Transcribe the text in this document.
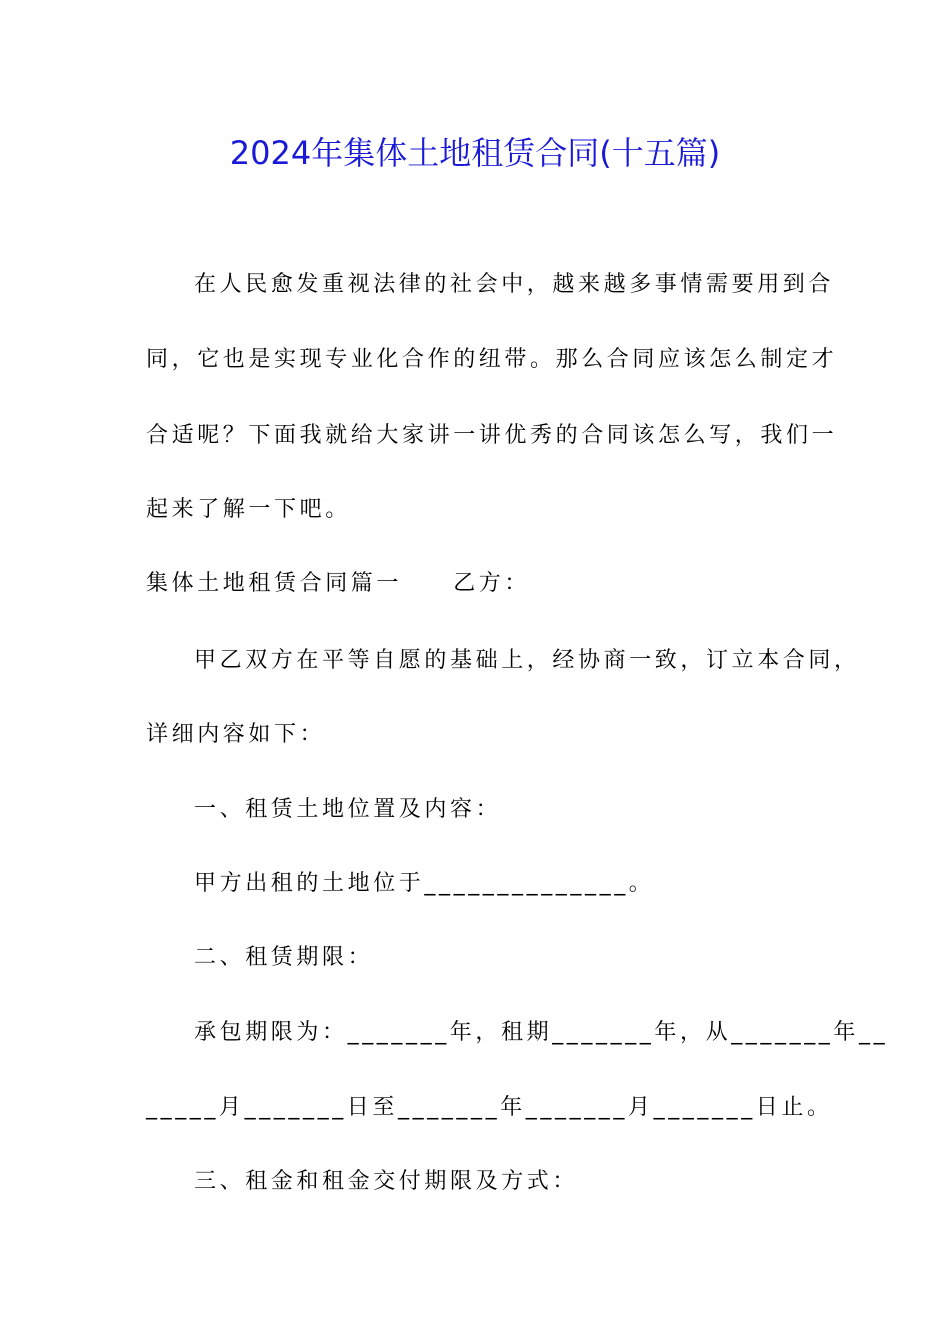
2024年集体土地租赁合同(十五篇)
在人民愈发重视法律的社会中，越来越多事情需要用到合
同，它也是实现专业化合作的纽带。那么合同应该怎么制定才
合适呢？下面我就给大家讲一讲优秀的合同该怎么写，我们一
起来了解一下吧。
集体土地租赁合同篇一　　乙方：
甲乙双方在平等自愿的基础上，经协商一致，订立本合同，
详细内容如下：
一、租赁土地位置及内容：
甲方出租的土地位于______________。
二、租赁期限：
承包期限为：_______年，租期_______年，从_______年__
_____月_______日至_______年_______月_______日止。
三、租金和租金交付期限及方式：
